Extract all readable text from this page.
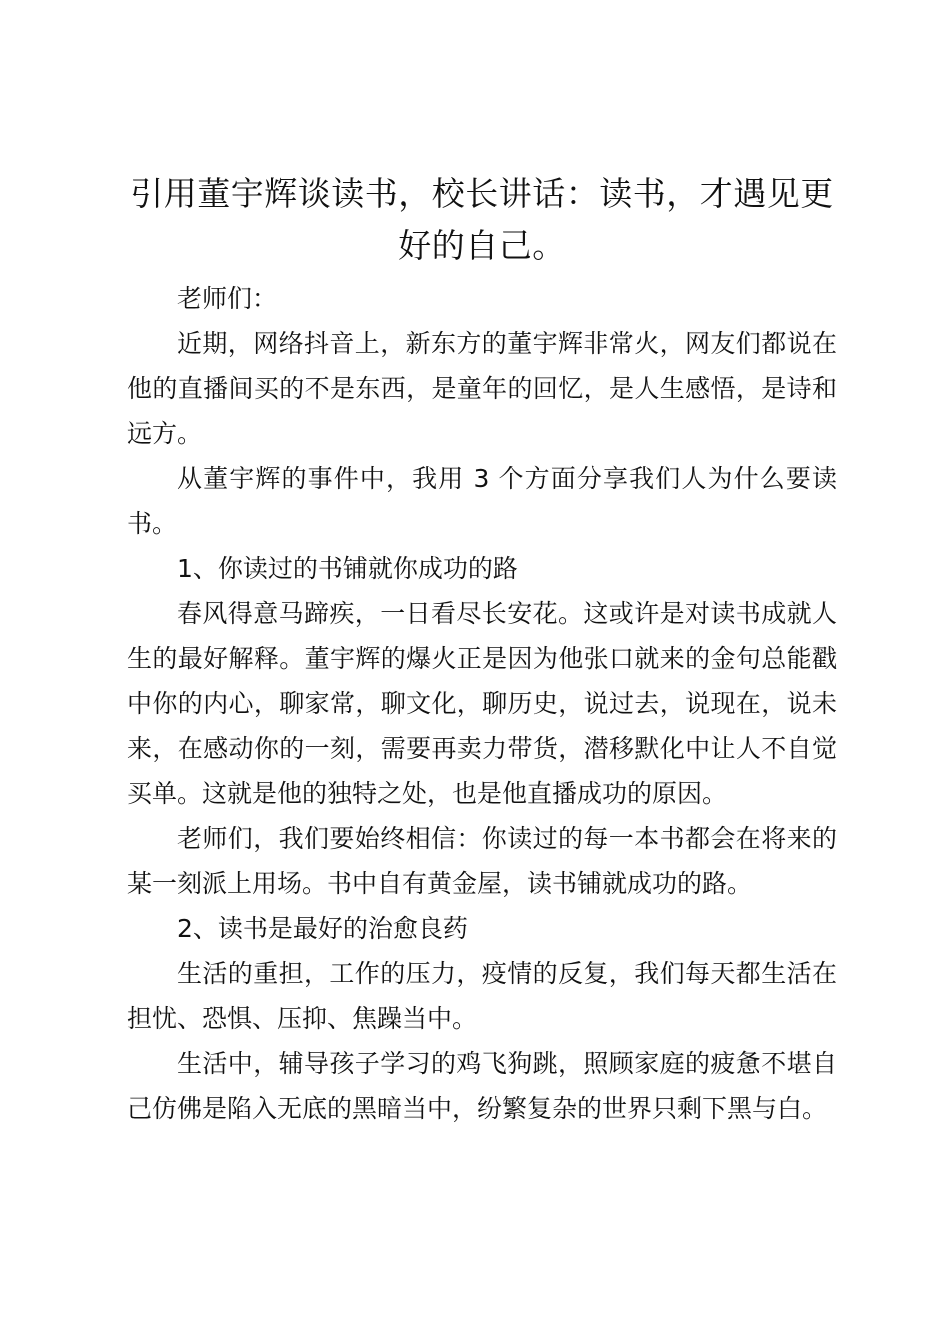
引用董宇辉谈读书，校长讲话：读书，才遇见更好的自己。

老师们：

近期，网络抖音上，新东方的董宇辉非常火，网友们都说在他的直播间买的不是东西，是童年的回忆，是人生感悟，是诗和远方。

从董宇辉的事件中，我用 3 个方面分享我们人为什么要读书。

1、你读过的书铺就你成功的路

春风得意马蹄疾，一日看尽长安花。这或许是对读书成就人生的最好解释。董宇辉的爆火正是因为他张口就来的金句总能戳中你的内心，聊家常，聊文化，聊历史，说过去，说现在，说未来，在感动你的一刻，需要再卖力带货，潜移默化中让人不自觉买单。这就是他的独特之处，也是他直播成功的原因。

老师们，我们要始终相信：你读过的每一本书都会在将来的某一刻派上用场。书中自有黄金屋，读书铺就成功的路。

2、读书是最好的治愈良药

生活的重担，工作的压力，疫情的反复，我们每天都生活在担忧、恐惧、压抑、焦躁当中。

生活中，辅导孩子学习的鸡飞狗跳，照顾家庭的疲惫不堪自己仿佛是陷入无底的黑暗当中，纷繁复杂的世界只剩下黑与白。
